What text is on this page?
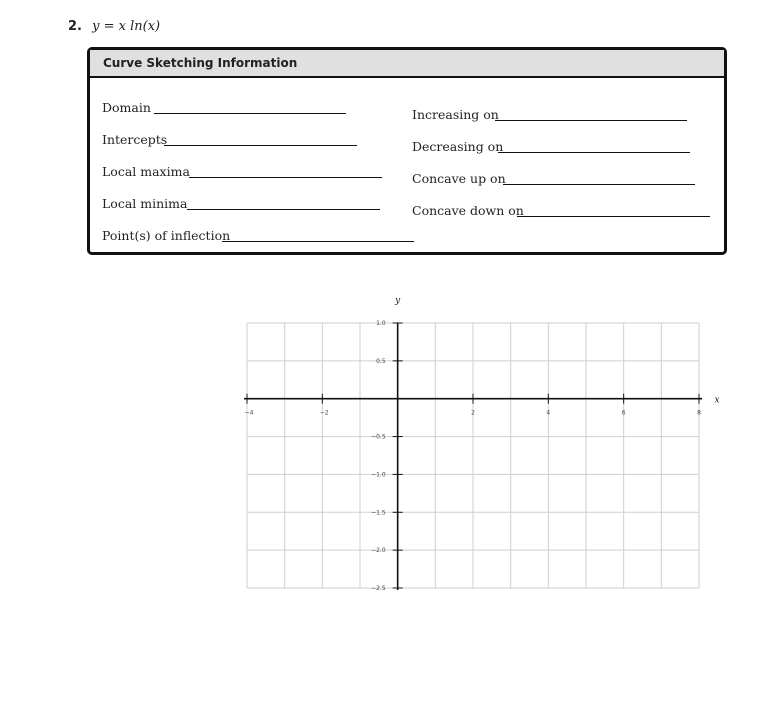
2. y = x ln(x)
Curve Sketching Information
Domain
Intercepts
Local maxima
Local minima
Point(s) of inflection
Increasing on
Decreasing on
Concave up on
Concave down on
x
y
−4	−2	2	4	6	8
1.0
0.5
−0.5
−1.0
−1.5
−2.0
−2.5
